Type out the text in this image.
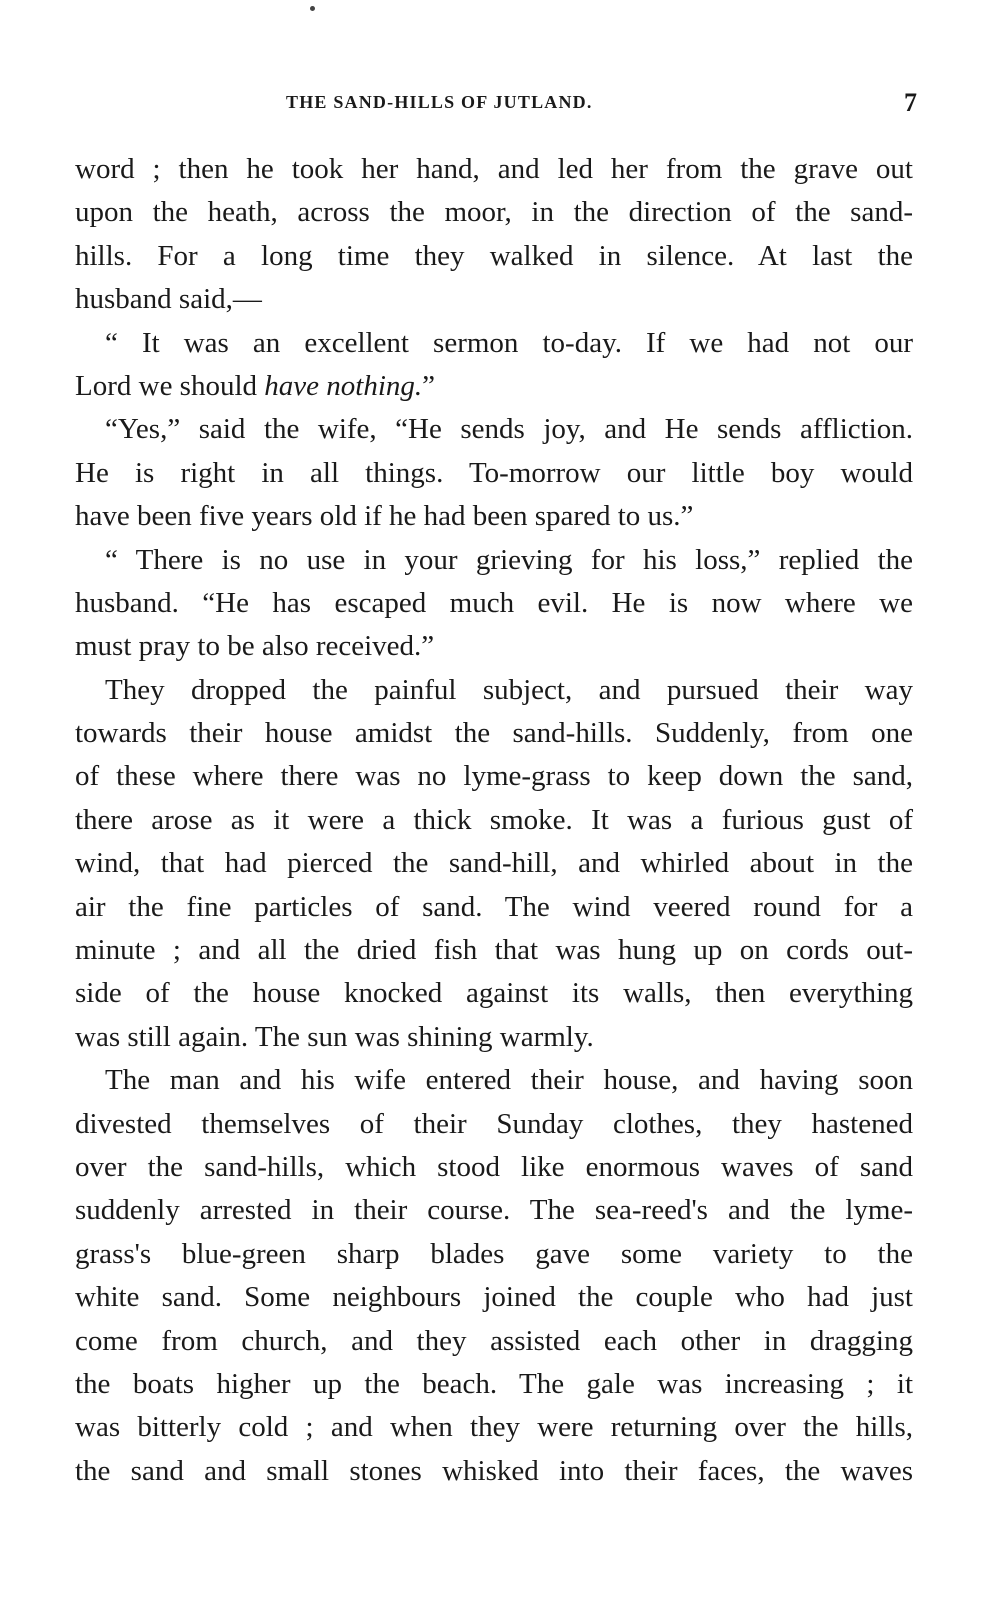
THE SAND-HILLS OF JUTLAND.	7
word ; then he took her hand, and led her from the grave out
upon the heath, across the moor, in the direction of the sand-
hills. For a long time they walked in silence. At last the
husband said,—
“ It was an excellent sermon to-day. If we had not our
Lord we should have nothing.”
“Yes,” said the wife, “He sends joy, and He sends affliction.
He is right in all things. To-morrow our little boy would
have been five years old if he had been spared to us.”
“ There is no use in your grieving for his loss,” replied the
husband. “He has escaped much evil. He is now where we
must pray to be also received.”
They dropped the painful subject, and pursued their way
towards their house amidst the sand-hills. Suddenly, from one
of these where there was no lyme-grass to keep down the sand,
there arose as it were a thick smoke. It was a furious gust of
wind, that had pierced the sand-hill, and whirled about in the
air the fine particles of sand. The wind veered round for a
minute ; and all the dried fish that was hung up on cords out-
side of the house knocked against its walls, then everything
was still again. The sun was shining warmly.
The man and his wife entered their house, and having soon
divested themselves of their Sunday clothes, they hastened
over the sand-hills, which stood like enormous waves of sand
suddenly arrested in their course. The sea-reed's and the lyme-
grass's blue-green sharp blades gave some variety to the
white sand. Some neighbours joined the couple who had just
come from church, and they assisted each other in dragging
the boats higher up the beach. The gale was increasing ; it
was bitterly cold ; and when they were returning over the hills,
the sand and small stones whisked into their faces, the waves
